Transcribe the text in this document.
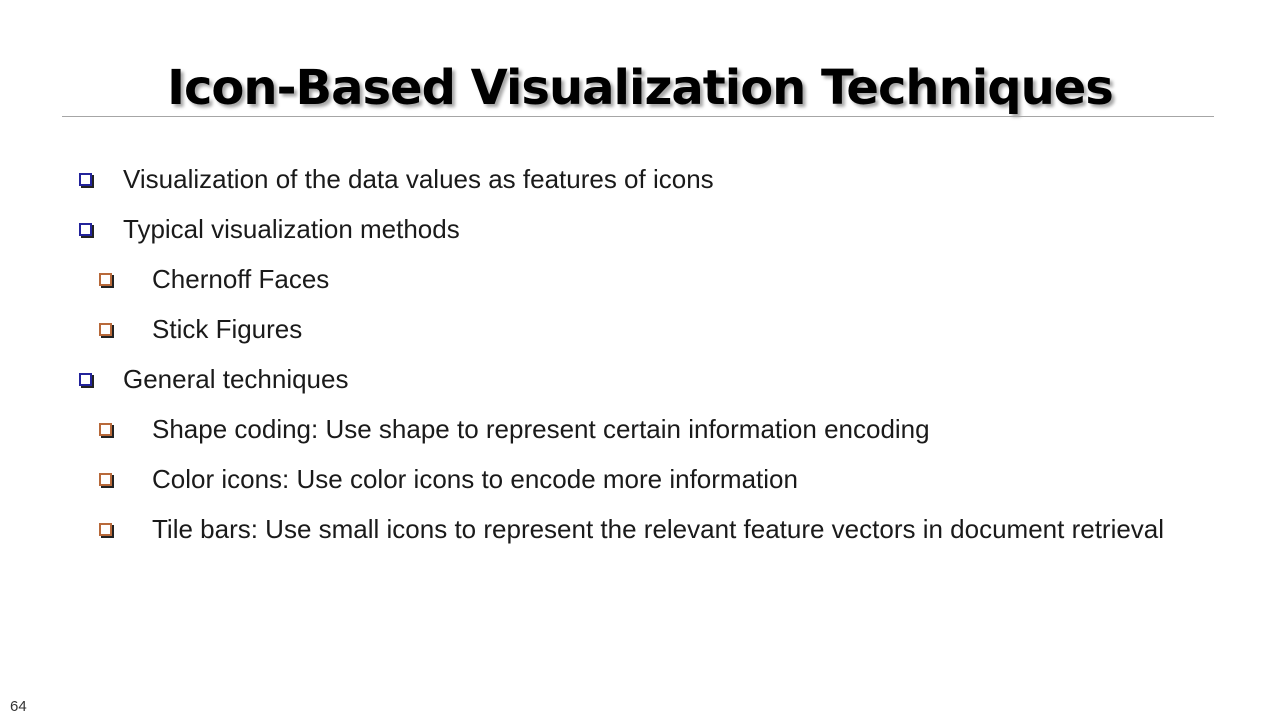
Icon-Based Visualization Techniques
Visualization of the data values as features of icons
Typical visualization methods
Chernoff Faces
Stick Figures
General techniques
Shape coding: Use shape to represent certain information encoding
Color icons: Use color icons to encode more information
Tile bars: Use small icons to represent the relevant feature vectors in document retrieval
64
